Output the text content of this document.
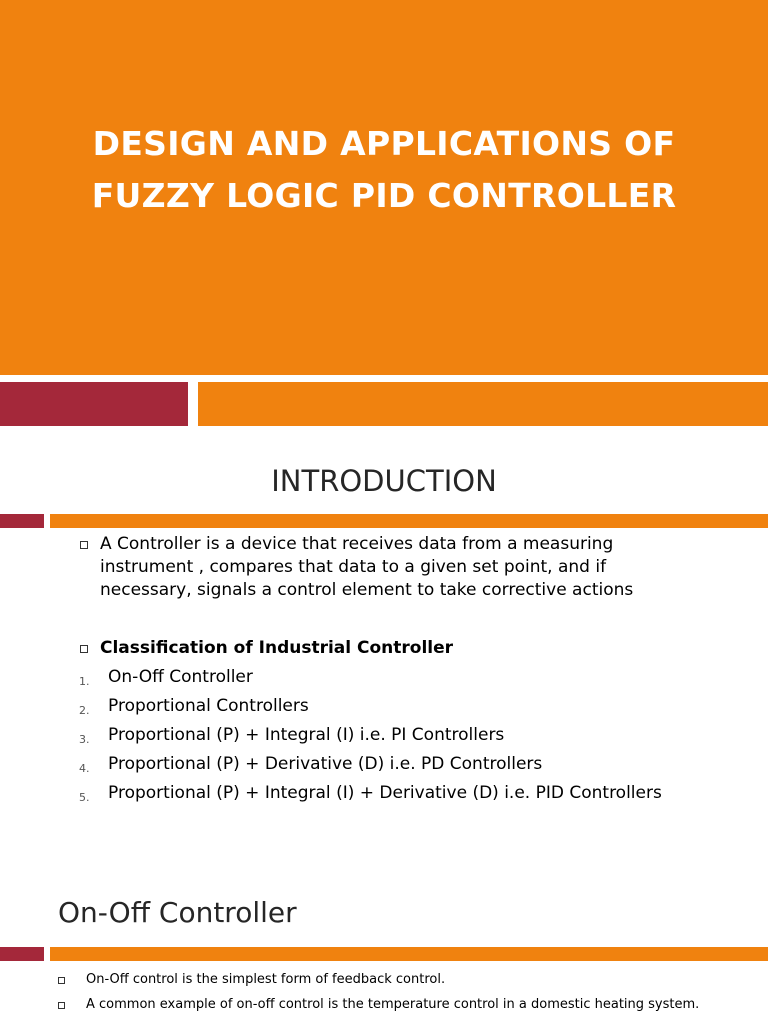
DESIGN AND APPLICATIONS OF
FUZZY LOGIC PID CONTROLLER
INTRODUCTION
A Controller is a device that receives data from a measuring
instrument , compares that data to a given set point, and if
necessary, signals a control element to take corrective actions
Classification of Industrial Controller
1. On-Off Controller
2. Proportional Controllers
3. Proportional (P) + Integral (I) i.e. PI Controllers
4. Proportional (P) + Derivative (D) i.e. PD Controllers
5. Proportional (P) + Integral (I) + Derivative (D) i.e. PID Controllers
On-Off Controller
On-Off control is the simplest form of feedback control.
A common example of on-off control is the temperature control in a domestic heating system.
